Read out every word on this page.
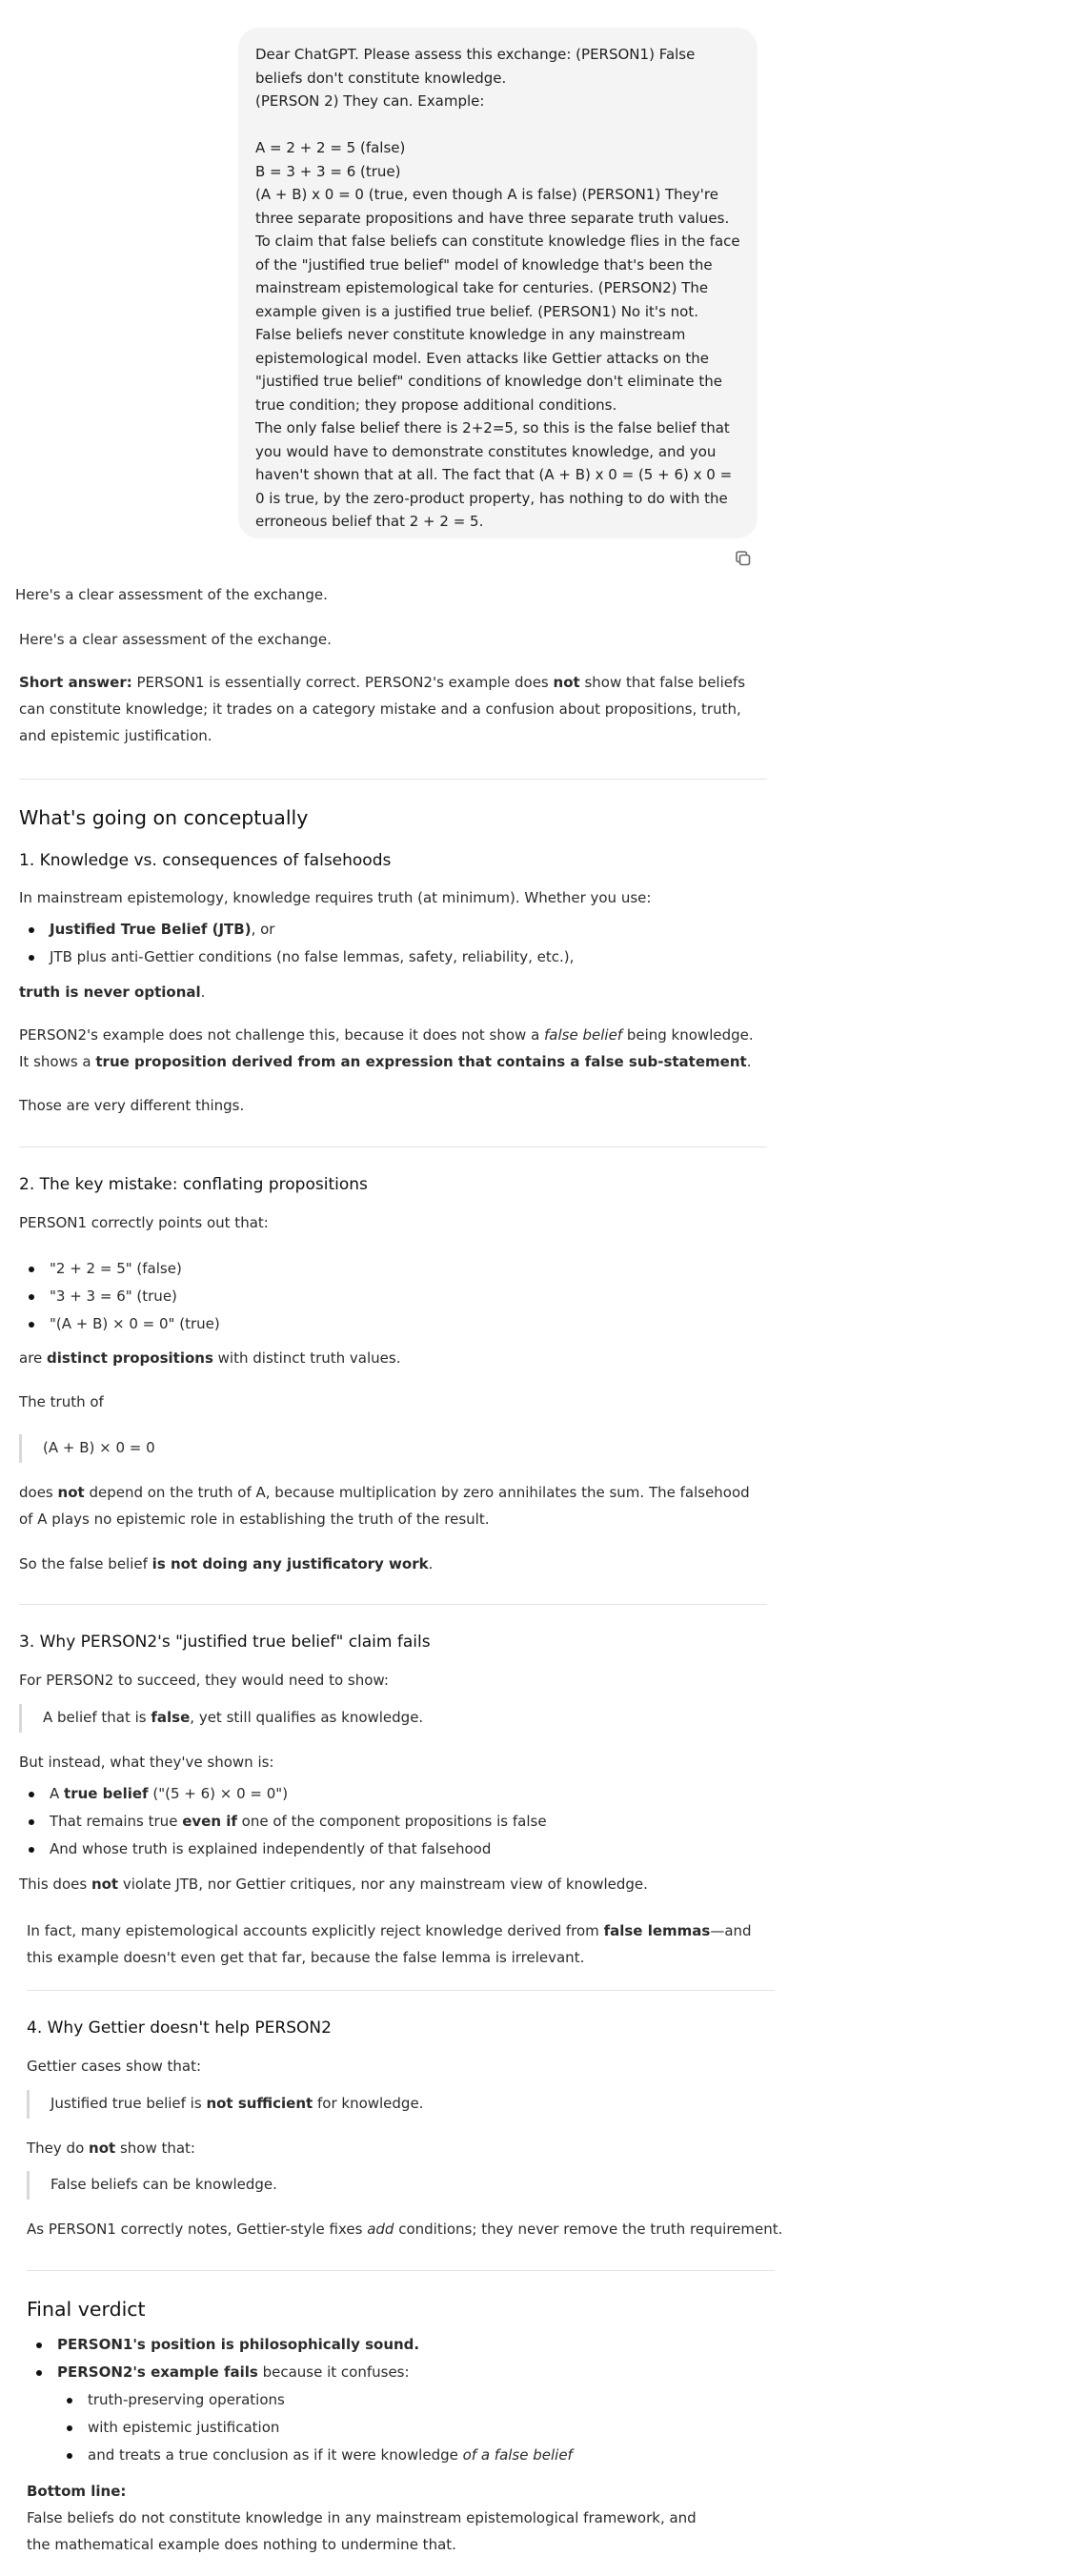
Dear ChatGPT. Please assess this exchange: (PERSON1) False beliefs don't constitute knowledge.

(PERSON 2) They can. Example:

A = 2 + 2 = 5 (false)

B = 3 + 3 = 6 (true)

(A + B) x 0 = 0 (true, even though A is false) (PERSON1) They're three separate propositions and have three separate truth values. To claim that false beliefs can constitute knowledge flies in the face of the "justified true belief" model of knowledge that's been the mainstream epistemological take for centuries. (PERSON2) The example given is a justified true belief. (PERSON1) No it's not.

False beliefs never constitute knowledge in any mainstream epistemological model. Even attacks like Gettier attacks on the "justified true belief" conditions of knowledge don't eliminate the true condition; they propose additional conditions.

The only false belief there is 2+2=5, so this is the false belief that you would have to demonstrate constitutes knowledge, and you haven't shown that at all. The fact that (A + B) x 0 = (5 + 6) x 0 = 0 is true, by the zero-product property, has nothing to do with the erroneous belief that 2 + 2 = 5.

Here's a clear assessment of the exchange.
Here's a clear assessment of the exchange.
Short answer: PERSON1 is essentially correct. PERSON2's example does not show that false beliefs can constitute knowledge; it trades on a category mistake and a confusion about propositions, truth, and epistemic justification.
What's going on conceptually
1. Knowledge vs. consequences of falsehoods
In mainstream epistemology, knowledge requires truth (at minimum). Whether you use:
Justified True Belief (JTB), or
JTB plus anti-Gettier conditions (no false lemmas, safety, reliability, etc.),
truth is never optional.
PERSON2's example does not challenge this, because it does not show a false belief being knowledge. It shows a true proposition derived from an expression that contains a false sub-statement.
Those are very different things.
2. The key mistake: conflating propositions
PERSON1 correctly points out that:
"2 + 2 = 5" (false)
"3 + 3 = 6" (true)
"(A + B) × 0 = 0" (true)
are distinct propositions with distinct truth values.
The truth of
(A + B) × 0 = 0
does not depend on the truth of A, because multiplication by zero annihilates the sum. The falsehood of A plays no epistemic role in establishing the truth of the result.
So the false belief is not doing any justificatory work.
3. Why PERSON2's "justified true belief" claim fails
For PERSON2 to succeed, they would need to show:
A belief that is false, yet still qualifies as knowledge.
But instead, what they've shown is:
A true belief ("(5 + 6) × 0 = 0")
That remains true even if one of the component propositions is false
And whose truth is explained independently of that falsehood
This does not violate JTB, nor Gettier critiques, nor any mainstream view of knowledge.
In fact, many epistemological accounts explicitly reject knowledge derived from false lemmas—and this example doesn't even get that far, because the false lemma is irrelevant.
4. Why Gettier doesn't help PERSON2
Gettier cases show that:
Justified true belief is not sufficient for knowledge.
They do not show that:
False beliefs can be knowledge.
As PERSON1 correctly notes, Gettier-style fixes add conditions; they never remove the truth requirement.
Final verdict
PERSON1's position is philosophically sound.
PERSON2's example fails because it confuses:
truth-preserving operations
with epistemic justification
and treats a true conclusion as if it were knowledge of a false belief
Bottom line:
False beliefs do not constitute knowledge in any mainstream epistemological framework, and the mathematical example does nothing to undermine that.
